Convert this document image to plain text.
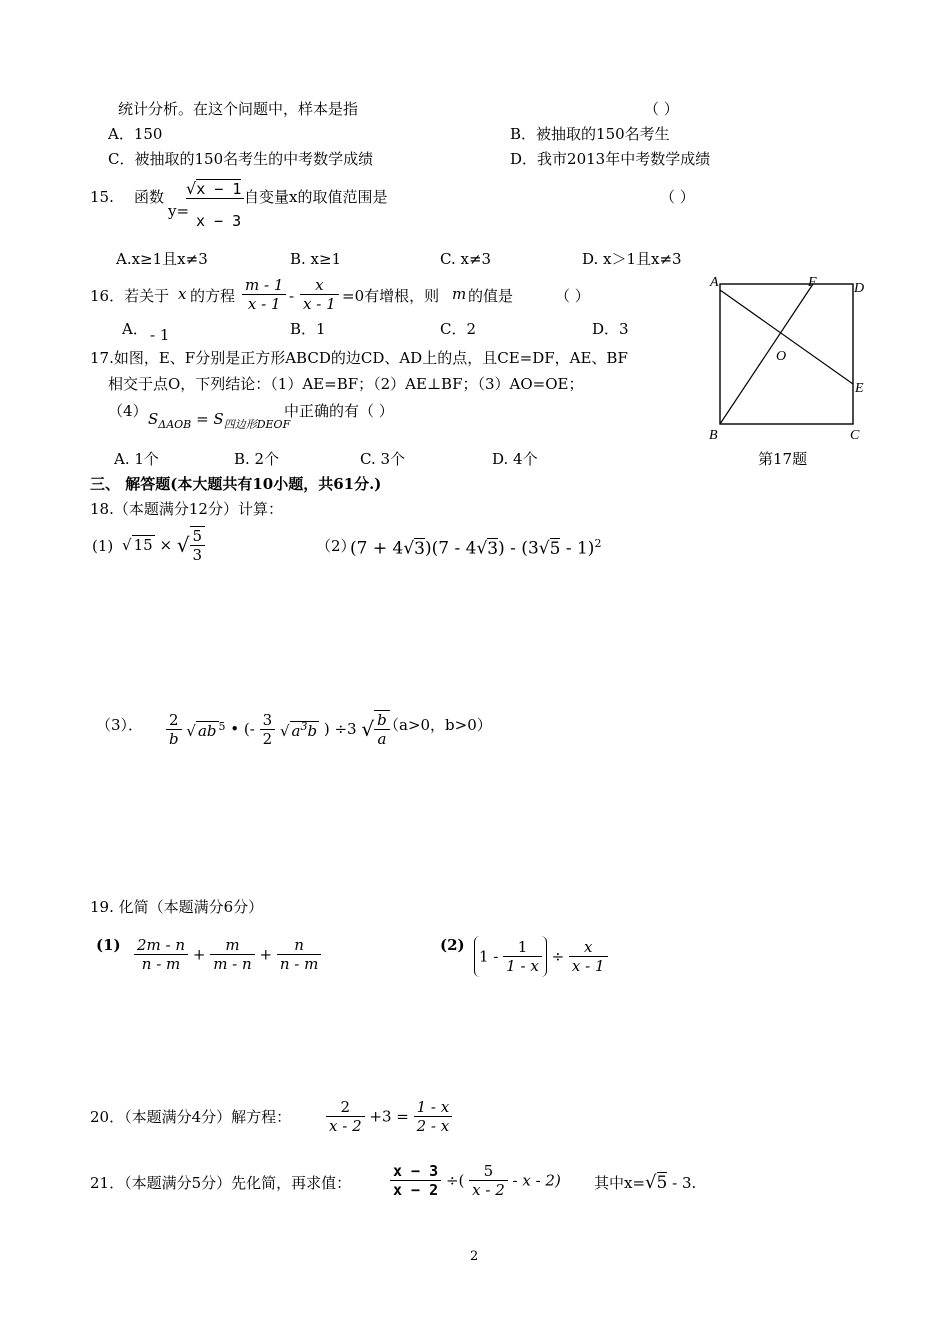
统计分析。在这个问题中，样本是指	（ ）
A．150	B．被抽取的150名考生
C．被抽取的150名考生的中考数学成绩	D．我市2013年中考数学成绩
15. 函数
y=
√x − 1
x − 3
自变量x的取值范围是	（ ）
A.x≥1且x≠3	B. x≥1	C. x≠3	D. x＞1且x≠3
16．若关于 x 的方程 $\frac{m - 1}{x - 1} - \frac{x}{x - 1} =0$有增根，则 m 的值是	（ ）
A． - 1	B．1	C．2	D．3
17.如图，E、F分别是正方形ABCD的边CD、AD上的点，且CE=DF，AE、BF
相交于点O，下列结论：（1）AE=BF；（2）AE⊥BF；（3）AO=OE；
（4） $S_{\Delta AOB} = S_{四边形DEOF}$
中正确的有（ ）
A. 1个	B. 2个	C. 3个	D. 4个
A	F	D
E
O
B	C
第17题
三、 解答题(本大题共有10小题，共61分.)
18.（本题满分12分）计算：
(1) √ 15 × √ $\frac{5}{3}$	（2）
(7 + 4√3)(7 - 4√3) - (3√5 - 1)$^2$
（3）． $\frac{2}{b}$ √ ab $^5$ • (- $\frac{3}{2}$ √ $a^3b$ ) ÷3 √ $\frac{b}{a}$
（a>0，b>0）
19. 化简（本题满分6分）
$(1) \frac{2m - n}{n - m} + \frac{m}{m - n} + \frac{n}{n - m}$	(2)
$1 - \frac{1}{1 - x} \div \frac{x}{x - 1}$
20．（本题满分4分）解方程： $\frac{2}{x - 2} +3 = \frac{1 - x}{2 - x}$
21．（本题满分5分）先化简，再求值：	$\frac{x - 3}{x - 2}$ ÷( $\frac{5}{x - 2}$ - x - 2) 其中x=√5 - 3.
2
